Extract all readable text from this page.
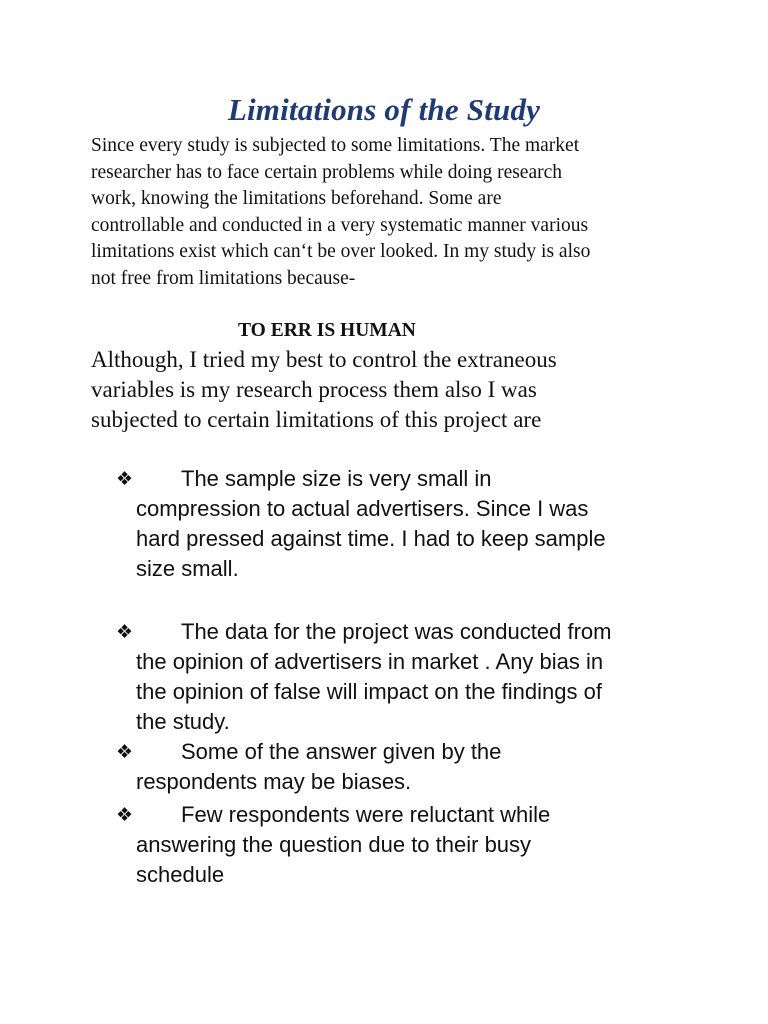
Limitations of the Study
Since every study is subjected to some limitations. The market
researcher has to face certain problems while doing research
work, knowing the limitations beforehand. Some are
controllable and conducted in a very systematic manner various
limitations exist which can‘t be over looked. In my study is also
not free from limitations because-
TO ERR IS HUMAN
Although, I tried my best to control the extraneous
variables is my research process them also I was
subjected to certain limitations of this project are
❖	The sample size is very small in
compression to actual advertisers. Since I was
hard pressed against time. I had to keep sample
size small.
❖	The data for the project was conducted from
the opinion of advertisers in market . Any bias in
the opinion of false will impact on the findings of
the study.
❖	Some of the answer given by the
respondents may be biases.
❖	Few respondents were reluctant while
answering the question due to their busy
schedule
